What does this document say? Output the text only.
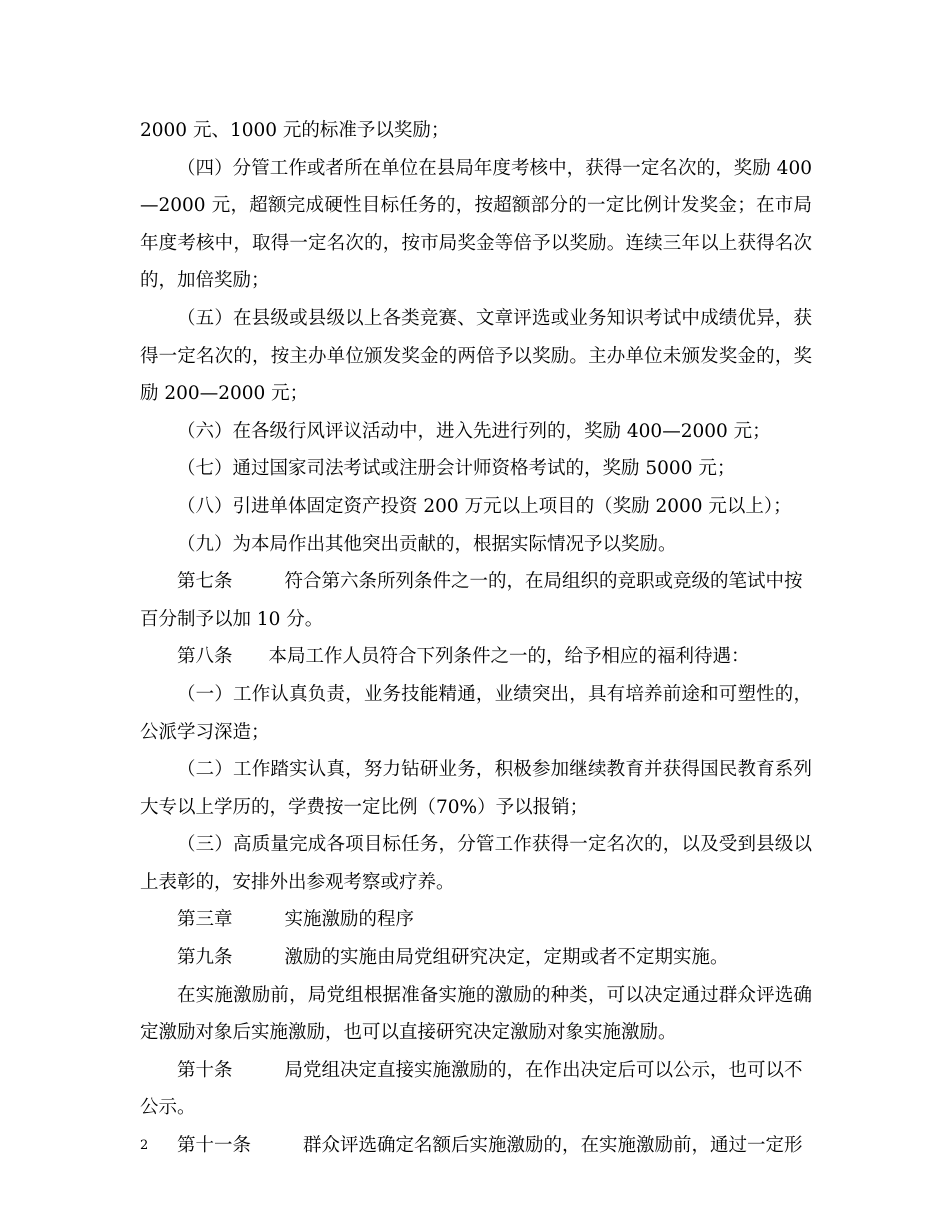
2000 元、1000 元的标准予以奖励；
（四）分管工作或者所在单位在县局年度考核中，获得一定名次的，奖励 400
—2000 元，超额完成硬性目标任务的，按超额部分的一定比例计发奖金；在市局
年度考核中，取得一定名次的，按市局奖金等倍予以奖励。连续三年以上获得名次
的，加倍奖励；
（五）在县级或县级以上各类竞赛、文章评选或业务知识考试中成绩优异，获
得一定名次的，按主办单位颁发奖金的两倍予以奖励。主办单位未颁发奖金的，奖
励 200—2000 元；
（六）在各级行风评议活动中，进入先进行列的，奖励 400—2000 元；
（七）通过国家司法考试或注册会计师资格考试的，奖励 5000 元；
（八）引进单体固定资产投资 200 万元以上项目的（奖励 2000 元以上）；
（九）为本局作出其他突出贡献的，根据实际情况予以奖励。
第七条	符合第六条所列条件之一的，在局组织的竞职或竞级的笔试中按
百分制予以加 10 分。
第八条 本局工作人员符合下列条件之一的，给予相应的福利待遇：
（一）工作认真负责，业务技能精通，业绩突出，具有培养前途和可塑性的，
公派学习深造；
（二）工作踏实认真，努力钻研业务，积极参加继续教育并获得国民教育系列
大专以上学历的，学费按一定比例（70%）予以报销；
（三）高质量完成各项目标任务，分管工作获得一定名次的，以及受到县级以
上表彰的，安排外出参观考察或疗养。
第三章	实施激励的程序
第九条	激励的实施由局党组研究决定，定期或者不定期实施。
在实施激励前，局党组根据准备实施的激励的种类，可以决定通过群众评选确
定激励对象后实施激励，也可以直接研究决定激励对象实施激励。
第十条	局党组决定直接实施激励的，在作出决定后可以公示，也可以不
公示。
第十一条	群众评选确定名额后实施激励的，在实施激励前，通过一定形
2
